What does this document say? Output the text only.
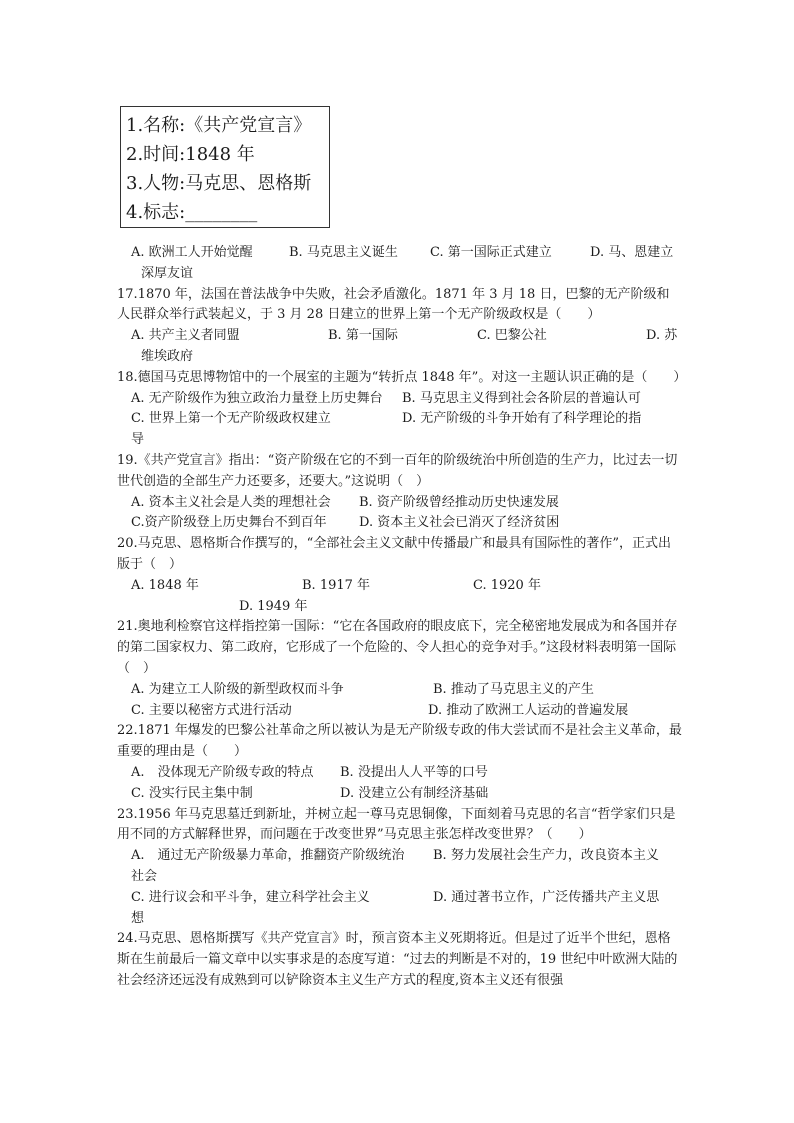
1.名称:《共产党宣言》
2.时间:1848 年
3.人物:马克思、恩格斯
4.标志:________
A. 欧洲工人开始觉醒	B. 马克思主义诞生	C. 第一国际正式建立	D. 马、恩建立
深厚友谊

17.1870 年，法国在普法战争中失败，社会矛盾激化。1871 年 3 月 18 日，巴黎的无产阶级和人民群众举行武装起义，于 3 月 28 日建立的世界上第一个无产阶级政权是（　　）

A. 共产主义者同盟	B. 第一国际	C. 巴黎公社	D. 苏
维埃政府

18.德国马克思博物馆中的一个展室的主题为“转折点 1848 年”。对这一主题认识正确的是（　　）

A. 无产阶级作为独立政治力量登上历史舞台	B. 马克思主义得到社会各阶层的普遍认可
C. 世界上第一个无产阶级政权建立	D. 无产阶级的斗争开始有了科学理论的指
导

19.《共产党宣言》指出：“资产阶级在它的不到一百年的阶级统治中所创造的生产力，比过去一切世代创造的全部生产力还要多，还要大。”这说明（　）

A. 资本主义社会是人类的理想社会	B. 资产阶级曾经推动历史快速发展
C.资产阶级登上历史舞台不到百年	D. 资本主义社会已消灭了经济贫困

20.马克思、恩格斯合作撰写的，“全部社会主义文献中传播最广和最具有国际性的著作”，正式出版于（　）

A. 1848 年	B. 1917 年	C. 1920 年
D. 1949 年

21.奥地利检察官这样指控第一国际：“它在各国政府的眼皮底下，完全秘密地发展成为和各国并存的第二国家权力、第二政府，它形成了一个危险的、令人担心的竞争对手。”这段材料表明第一国际（　）

A. 为建立工人阶级的新型政权而斗争	B. 推动了马克思主义的产生
C. 主要以秘密方式进行活动	D. 推动了欧洲工人运动的普遍发展

22.1871 年爆发的巴黎公社革命之所以被认为是无产阶级专政的伟大尝试而不是社会主义革命，最重要的理由是（　　）

A.　没体现无产阶级专政的特点	B. 没提出人人平等的口号
C. 没实行民主集中制	D. 没建立公有制经济基础

23.1956 年马克思墓迁到新址，并树立起一尊马克思铜像，下面刻着马克思的名言“哲学家们只是用不同的方式解释世界，而问题在于改变世界”马克思主张怎样改变世界？（　　）

A.　通过无产阶级暴力革命，推翻资产阶级统治	B. 努力发展社会生产力，改良资本主义
社会
C. 进行议会和平斗争，建立科学社会主义	D. 通过著书立作，广泛传播共产主义思
想

24.马克思、恩格斯撰写《共产党宣言》时，预言资本主义死期将近。但是过了近半个世纪，恩格斯在生前最后一篇文章中以实事求是的态度写道：“过去的判断是不对的，19 世纪中叶欧洲大陆的社会经济还远没有成熟到可以铲除资本主义生产方式的程度,资本主义还有很强
